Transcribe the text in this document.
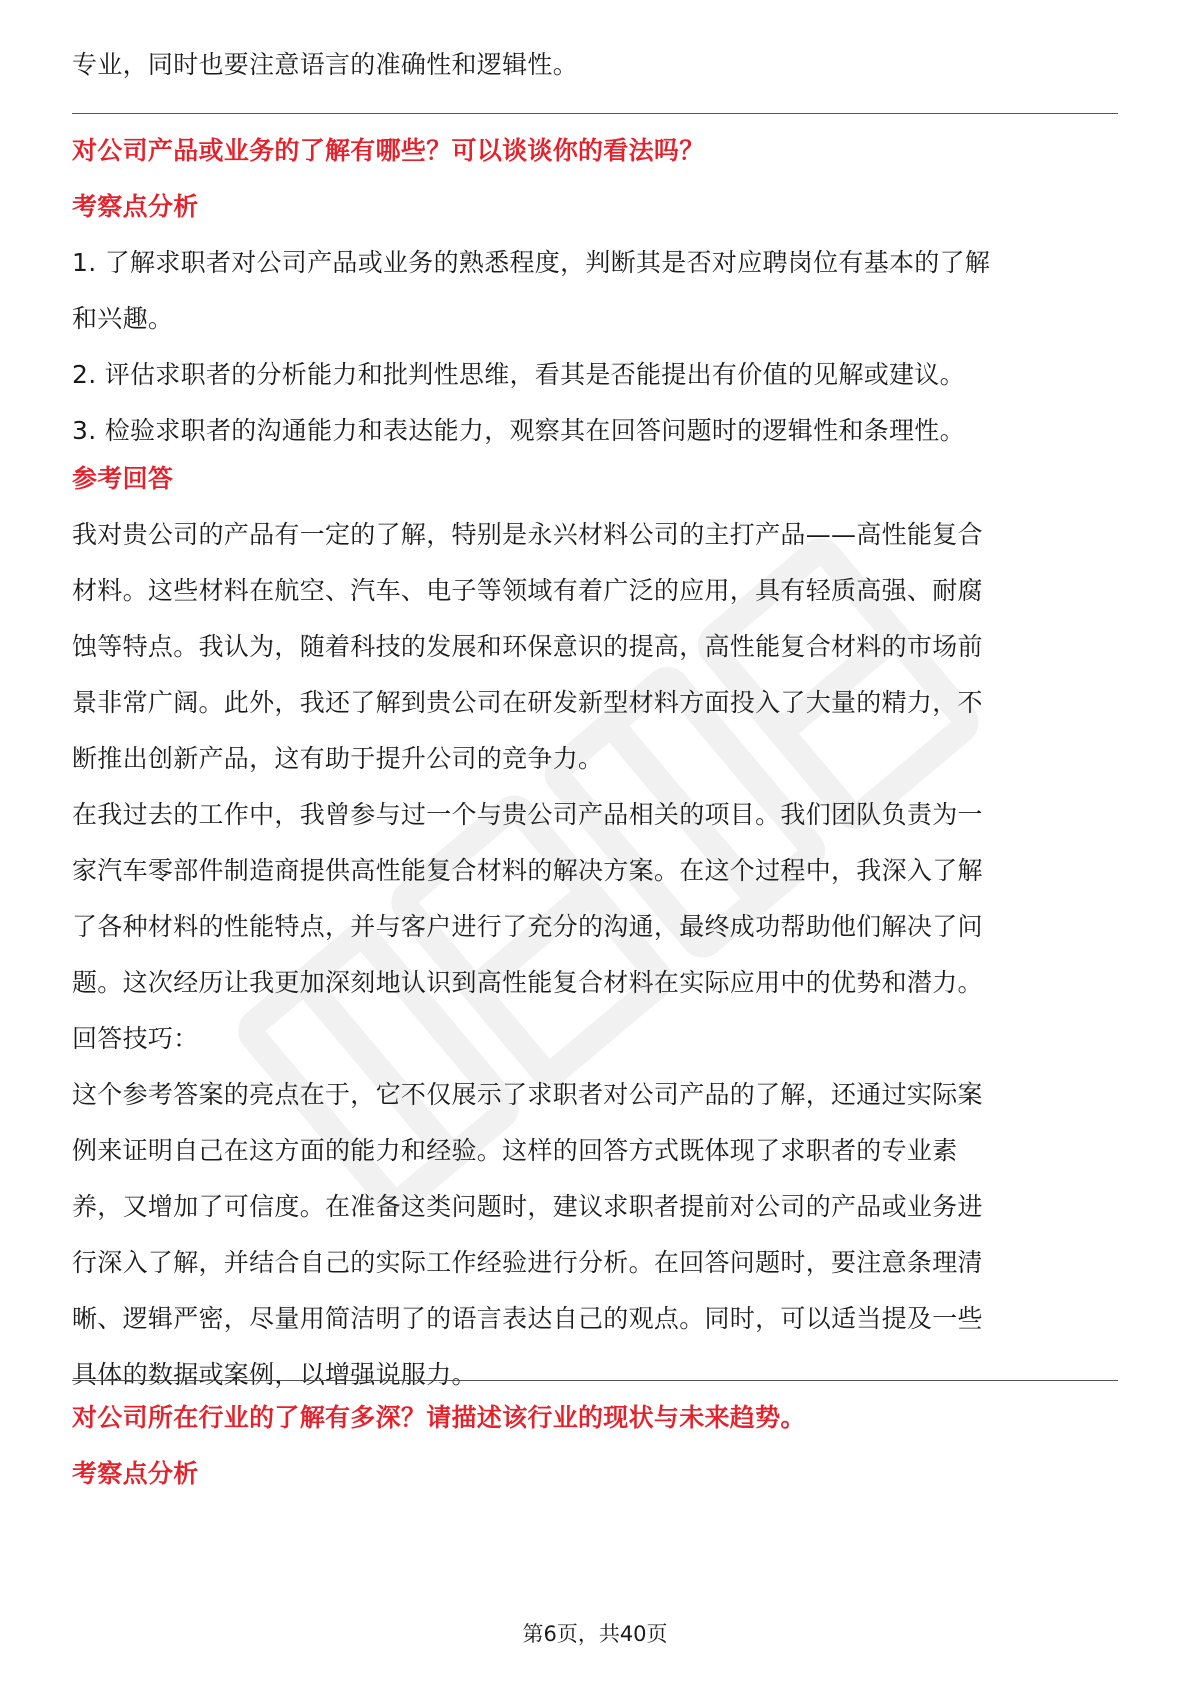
专业，同时也要注意语言的准确性和逻辑性。
对公司产品或业务的了解有哪些？可以谈谈你的看法吗？
考察点分析
1. 了解求职者对公司产品或业务的熟悉程度，判断其是否对应聘岗位有基本的了解
和兴趣。
2. 评估求职者的分析能力和批判性思维，看其是否能提出有价值的见解或建议。
3. 检验求职者的沟通能力和表达能力，观察其在回答问题时的逻辑性和条理性。
参考回答
我对贵公司的产品有一定的了解，特别是永兴材料公司的主打产品——高性能复合
材料。这些材料在航空、汽车、电子等领域有着广泛的应用，具有轻质高强、耐腐
蚀等特点。我认为，随着科技的发展和环保意识的提高，高性能复合材料的市场前
景非常广阔。此外，我还了解到贵公司在研发新型材料方面投入了大量的精力，不
断推出创新产品，这有助于提升公司的竞争力。
在我过去的工作中，我曾参与过一个与贵公司产品相关的项目。我们团队负责为一
家汽车零部件制造商提供高性能复合材料的解决方案。在这个过程中，我深入了解
了各种材料的性能特点，并与客户进行了充分的沟通，最终成功帮助他们解决了问
题。这次经历让我更加深刻地认识到高性能复合材料在实际应用中的优势和潜力。
回答技巧：
这个参考答案的亮点在于，它不仅展示了求职者对公司产品的了解，还通过实际案
例来证明自己在这方面的能力和经验。这样的回答方式既体现了求职者的专业素
养，又增加了可信度。在准备这类问题时，建议求职者提前对公司的产品或业务进
行深入了解，并结合自己的实际工作经验进行分析。在回答问题时，要注意条理清
晰、逻辑严密，尽量用简洁明了的语言表达自己的观点。同时，可以适当提及一些
具体的数据或案例，以增强说服力。
对公司所在行业的了解有多深？请描述该行业的现状与未来趋势。
考察点分析
第6页，共40页
